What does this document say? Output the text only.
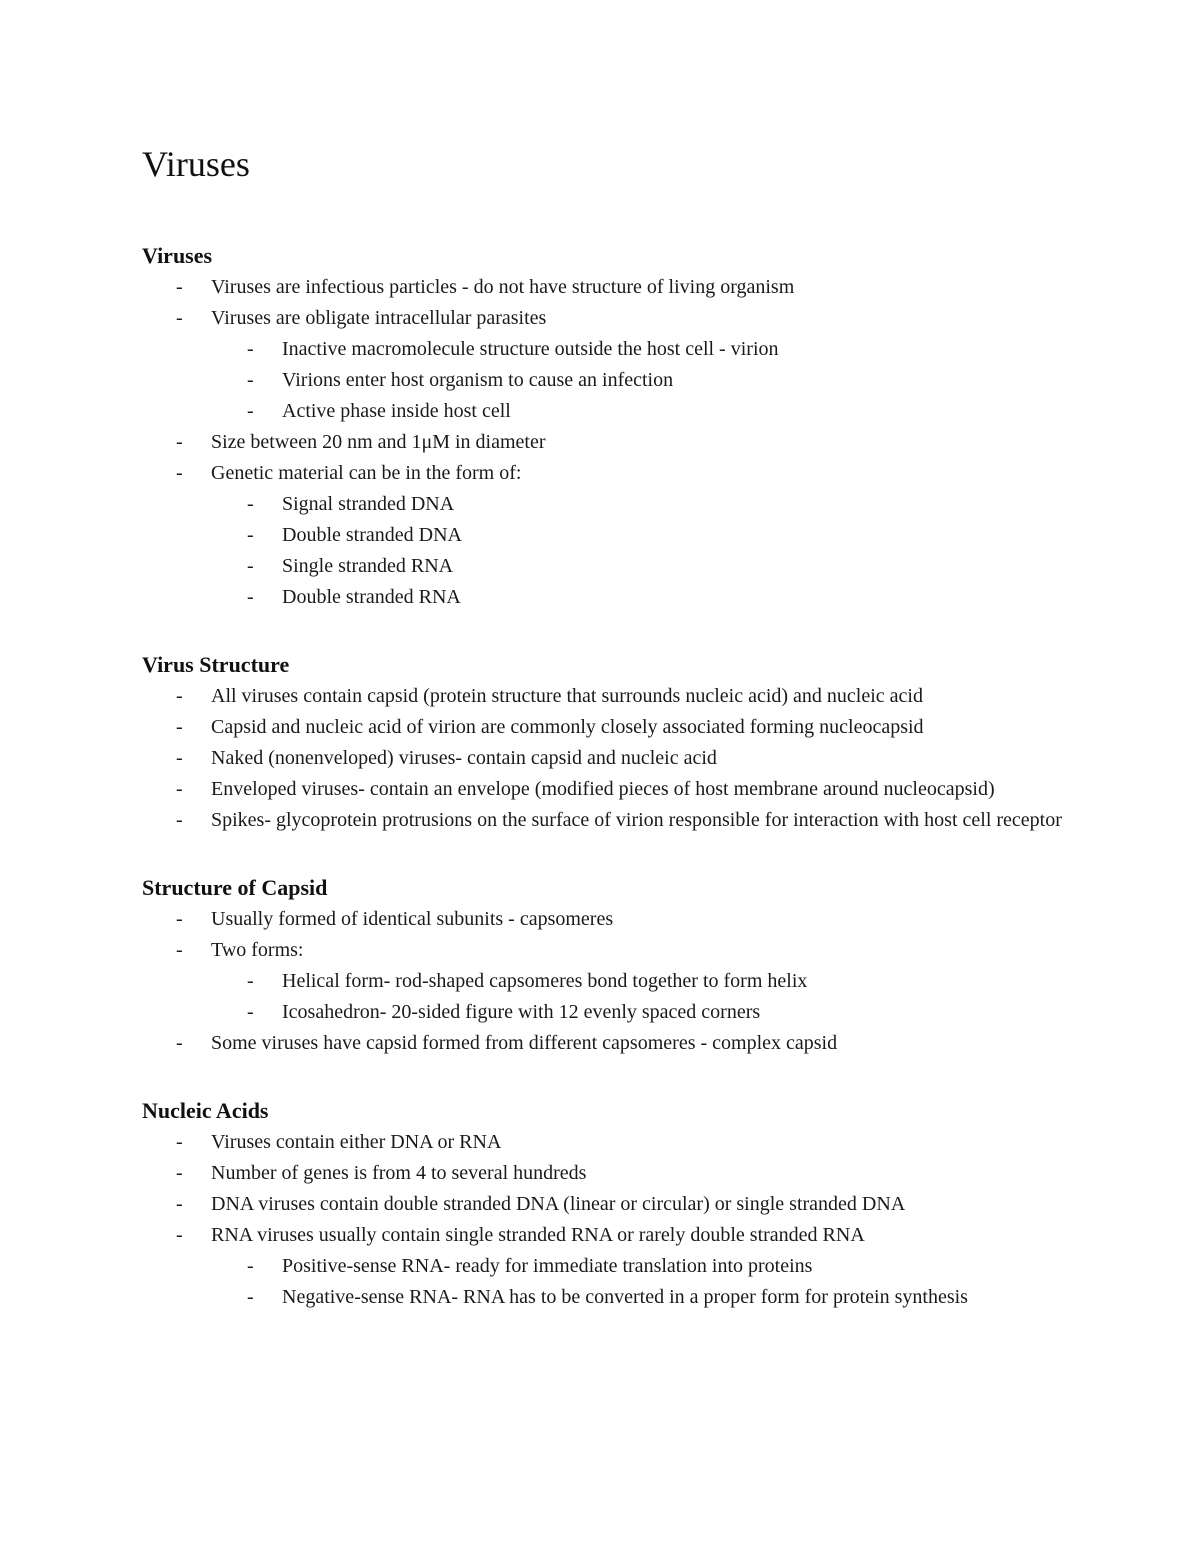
Viruses
Viruses
- Viruses are infectious particles - do not have structure of living organism
- Viruses are obligate intracellular parasites
- Inactive macromolecule structure outside the host cell - virion
- Virions enter host organism to cause an infection
- Active phase inside host cell
- Size between 20 nm and 1μM in diameter
- Genetic material can be in the form of:
- Signal stranded DNA
- Double stranded DNA
- Single stranded RNA
- Double stranded RNA
Virus Structure
- All viruses contain capsid (protein structure that surrounds nucleic acid) and nucleic acid
- Capsid and nucleic acid of virion are commonly closely associated forming nucleocapsid
- Naked (nonenveloped) viruses- contain capsid and nucleic acid
- Enveloped viruses- contain an envelope (modified pieces of host membrane around nucleocapsid)
- Spikes- glycoprotein protrusions on the surface of virion responsible for interaction with host cell receptor
Structure of Capsid
- Usually formed of identical subunits - capsomeres
- Two forms:
- Helical form- rod-shaped capsomeres bond together to form helix
- Icosahedron- 20-sided figure with 12 evenly spaced corners
- Some viruses have capsid formed from different capsomeres - complex capsid
Nucleic Acids
- Viruses contain either DNA or RNA
- Number of genes is from 4 to several hundreds
- DNA viruses contain double stranded DNA (linear or circular) or single stranded DNA
- RNA viruses usually contain single stranded RNA or rarely double stranded RNA
- Positive-sense RNA- ready for immediate translation into proteins
- Negative-sense RNA- RNA has to be converted in a proper form for protein synthesis
